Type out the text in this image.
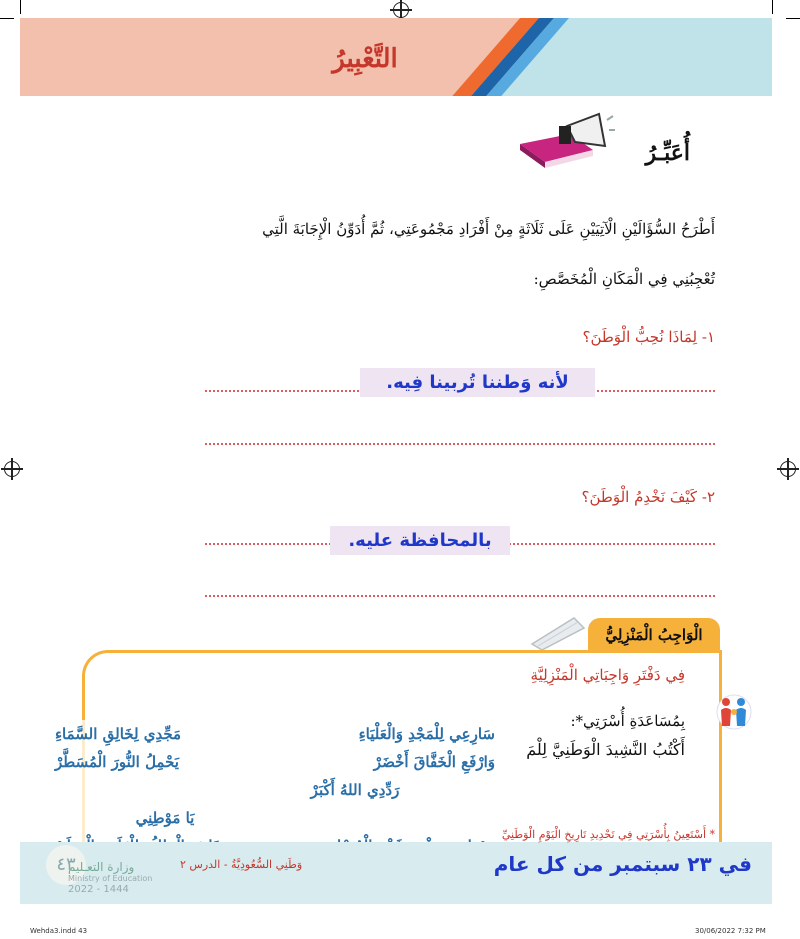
التَّعْبِيرُ
أُعَبِّـرُ
أَطْرَحُ السُّؤَالَيْنِ الْآتِيَيْنِ عَلَى ثَلَاثَةٍ مِنْ أَفْرَادِ مَجْمُوعَتِي، ثُمَّ أُدَوِّنُ الْإِجَابَةَ الَّتِي
تُعْجِبُنِي فِي الْمَكَانِ الْمُخَصَّصِ:
١- لِمَاذَا نُحِبُّ الْوَطَنَ؟
لأنه وَطننا تُربينا فِيه.
٢- كَيْفَ نَخْدِمُ الْوَطَنَ؟
بالمحافظة عليه.
الْوَاجِبُ الْمَنْزِلِيُّ
فِي دَفْتَرِ وَاجِبَاتِي الْمَنْزِلِيَّةِ
بِمُسَاعَدَةِ أُسْرَتِي*:
أَكْتُبُ النَّشِيدَ الْوَطَنِيَّ لِلْمَ
سَارِعِي لِلْمَجْدِ وَالْعَلْيَاءِ
مَجِّدِي لِخَالِقِ السَّمَاءِ
وَارْفَعِ الْخَفَّاقَ أَخْضَرْ
يَحْمِلُ النُّورَ الْمُسَطَّرْ
رَدِّدِي اللهُ أَكْبَرْ
يَا مَوْطِنِي
* أَسْتَعِينُ بِأُسْرَتِي فِي تَحْدِيدِ تَارِيخِ الْيَوْمِ الْوَطَنِيِّ
في ٢٣ سبتمبر من كل عام
وَطَنِي السُّعُودِيَّةُ - الدرس ٢
٤٣
وزارة التعـليم
Ministry of Education
2022 - 1444
Wehda3.indd 43	30/06/2022 7:32 PM
